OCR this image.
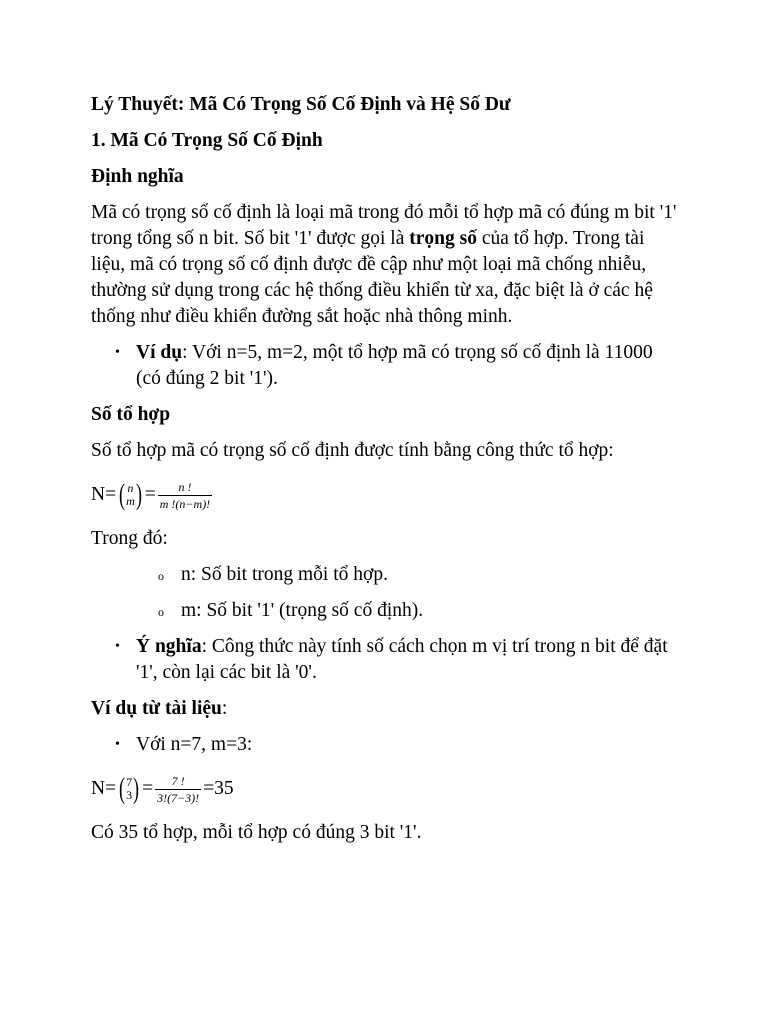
Lý Thuyết: Mã Có Trọng Số Cố Định và Hệ Số Dư

1. Mã Có Trọng Số Cố Định

Định nghĩa

Mã có trọng số cố định là loại mã trong đó mỗi tổ hợp mã có đúng m bit '1' trong tổng số n bit. Số bit '1' được gọi là trọng số của tổ hợp. Trong tài liệu, mã có trọng số cố định được đề cập như một loại mã chống nhiễu, thường sử dụng trong các hệ thống điều khiển từ xa, đặc biệt là ở các hệ thống như điều khiển đường sắt hoặc nhà thông minh.

• Ví dụ: Với n=5, m=2, một tổ hợp mã có trọng số cố định là 11000 (có đúng 2 bit '1').

Số tổ hợp

Số tổ hợp mã có trọng số cố định được tính bằng công thức tổ hợp:

N= ( n
m ) = $\frac{n !}{m !(n-m)!}$

Trong đó:

o n: Số bit trong mỗi tổ hợp.
o m: Số bit '1' (trọng số cố định).
• Ý nghĩa: Công thức này tính số cách chọn m vị trí trong n bit để đặt '1', còn lại các bit là '0'.

Ví dụ từ tài liệu:

• Với n=7, m=3:
N= ( 7
3 ) = $\frac{7 !}{3!(7-3)!} =35$

Có 35 tổ hợp, mỗi tổ hợp có đúng 3 bit '1'.
